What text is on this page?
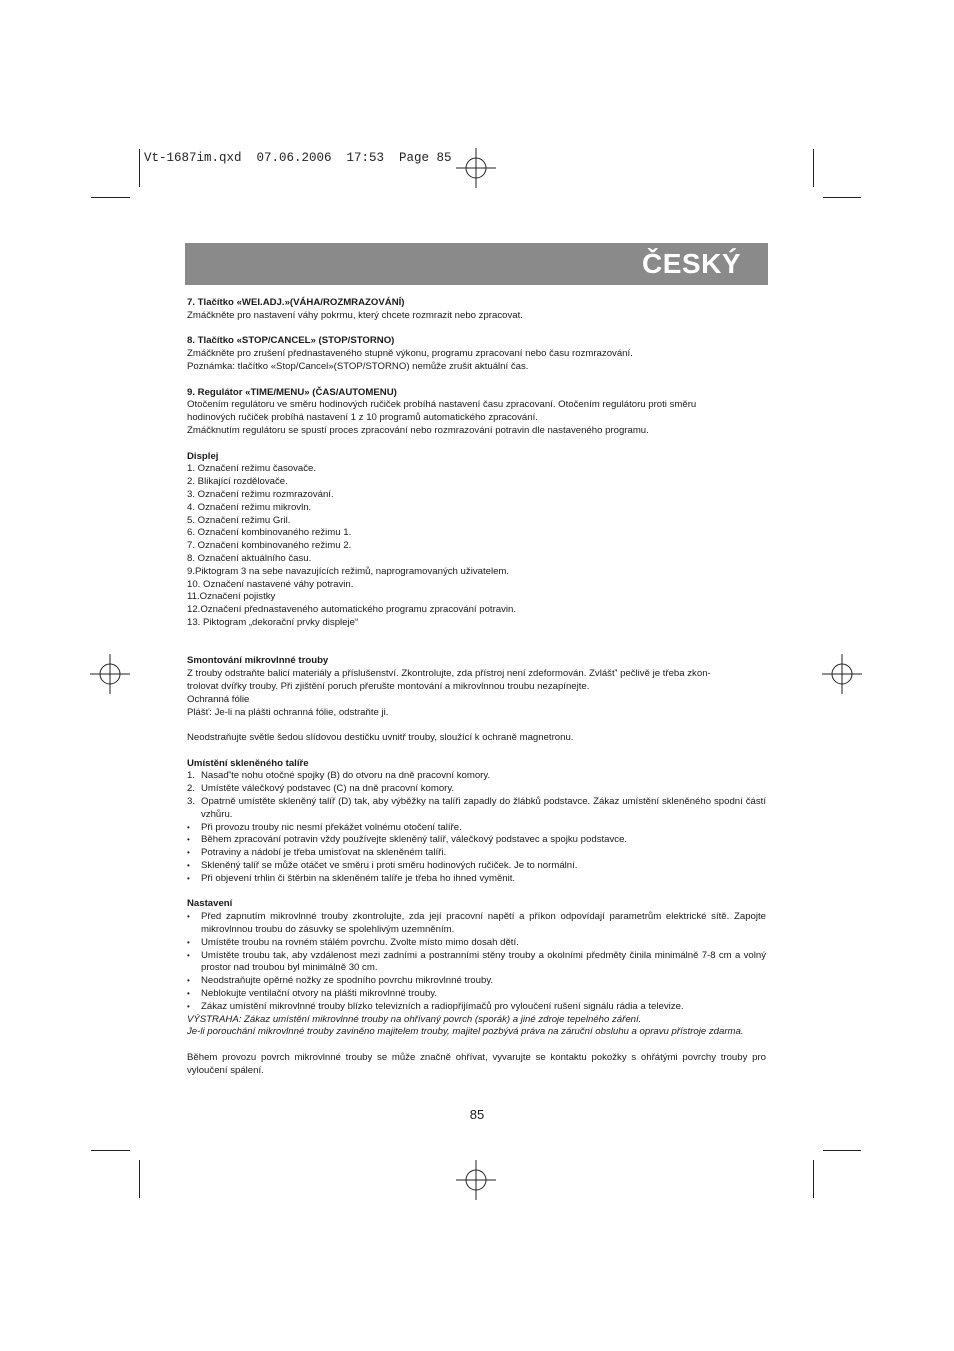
Vt-1687im.qxd  07.06.2006  17:53  Page 85
ČESKÝ

7. Tlačítko «WEI.ADJ.»(VÁHA/ROZMRAZOVÁNÍ)

Zmáčkněte pro nastavení váhy pokrmu, který chcete rozmrazit nebo zpracovat.

8. Tlačítko «STOP/CANCEL» (STOP/STORNO)

Zmáčkněte pro zrušení přednastaveného stupně výkonu, programu zpracovaní nebo času rozmrazování.

Poznámka: tlačítko «Stop/Cancel»(STOP/STORNO) nemůže zrušit aktuální čas.

9. Regulátor «TIME/MENU» (ČAS/AUTOMENU)

Otočením regulátoru ve směru hodinových ručiček probíhá nastavení času zpracovaní. Otočením regulátoru proti směru

hodinových ručiček probíhá nastavení 1 z 10 programů automatického zpracování.

Zmáčknutím regulátoru se spustí proces zpracování nebo rozmrazování potravin dle nastaveného programu.

Displej

1. Označení režimu časovače.

2. Blikající rozdělovače.

3. Označení režimu rozmrazování.

4. Označení režimu mikrovln.

5. Označení režimu Gril.

6. Označení kombinovaného režimu 1.

7. Označení kombinovaného režimu 2.

8. Označení aktuálního času.

9.Piktogram 3 na sebe navazujících režimů, naprogramovaných uživatelem.

10. Označení nastavené váhy potravin.

11.Označení pojistky

12.Označení přednastaveného automatického programu zpracování potravin.

13. Piktogram „dekorační prvky displeje“

Smontování mikrovlnné trouby

Z trouby odstraňte balicí materiály a příslušenství. Zkontrolujte, zda přístroj není zdeformován. Zvlášť' pečlivě je třeba zkon-

trolovat dvířky trouby. Při zjištění poruch přerušte montování a mikrovlnnou troubu nezapínejte.

Ochranná fólie

Plášť: Je-li na plášti ochranná fólie, odstraňte ji.

Neodstraňujte světle šedou slídovou destičku uvnitř trouby, sloužící k ochraně magnetronu.

Umístění skleněného talíře

1. Nasaď'te nohu otočné spojky (B) do otvoru na dně pracovní komory.
2. Umístěte válečkový podstavec (C) na dně pracovní komory.
3. Opatrně umístěte skleněný talíř (D) tak, aby výběžky na talíři zapadly do žlábků podstavce. Zákaz umístění skleněného spodní částí vzhůru.
• Při provozu trouby nic nesmí překážet volnému otočení talíře.
• Během zpracování potravin vždy používejte skleněný talíř, válečkový podstavec a spojku podstavce.
• Potraviny a nádobí je třeba umisťovat na skleněném talíři.
• Skleněný talíř se může otáčet ve směru i proti směru hodinových ručiček. Je to normální.
• Při objevení trhlin či štěrbin na skleněném talíře je třeba ho ihned vyměnit.

Nastavení

• Před zapnutím mikrovlnné trouby zkontrolujte, zda její pracovní napětí a příkon odpovídají parametrům elektrické sítě. Zapojte mikrovlnnou troubu do zásuvky se spolehlivým uzemněním.
• Umístěte troubu na rovném stálém povrchu. Zvolte místo mimo dosah dětí.
• Umístěte troubu tak, aby vzdálenost mezi zadními a postranními stěny trouby a okolními předměty činila minimálně 7-8 cm a volný prostor nad troubou byl minimálně 30 cm.
• Neodstraňujte opěrné nožky ze spodního povrchu mikrovlnné trouby.
• Neblokujte ventilační otvory na plášti mikrovlnné trouby.
• Zákaz umístění mikrovlnné trouby blízko televizních a radiopřijímačů pro vyloučení rušení signálu rádia a televize.

VÝSTRAHA: Zákaz umístění mikrovlnné trouby na ohřívaný povrch (sporák) a jiné zdroje tepelného záření.

Je-li porouchání mikrovlnné trouby zaviněno majitelem trouby, majitel pozbývá práva na záruční obsluhu a opravu přístroje zdarma.

Během provozu povrch mikrovlnné trouby se může značně ohřívat, vyvarujte se kontaktu pokožky s ohřátými povrchy trouby pro vyloučení spálení.

85
